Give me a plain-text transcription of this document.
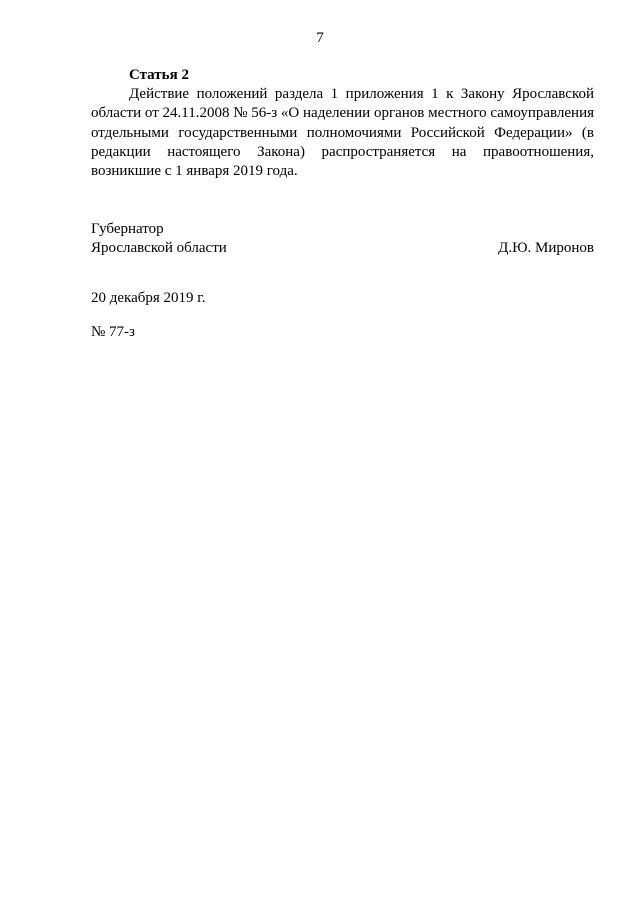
7
Статья 2

Действие положений раздела 1 приложения 1 к Закону Ярославской области от 24.11.2008 № 56-з «О наделении органов местного самоуправления отдельными государственными полномочиями Российской Федерации» (в редакции настоящего Закона) распространяется на правоотношения, возникшие с 1 января 2019 года.

Губернатор
Ярославской области	Д.Ю. Миронов
20 декабря 2019 г.
№ 77-з
